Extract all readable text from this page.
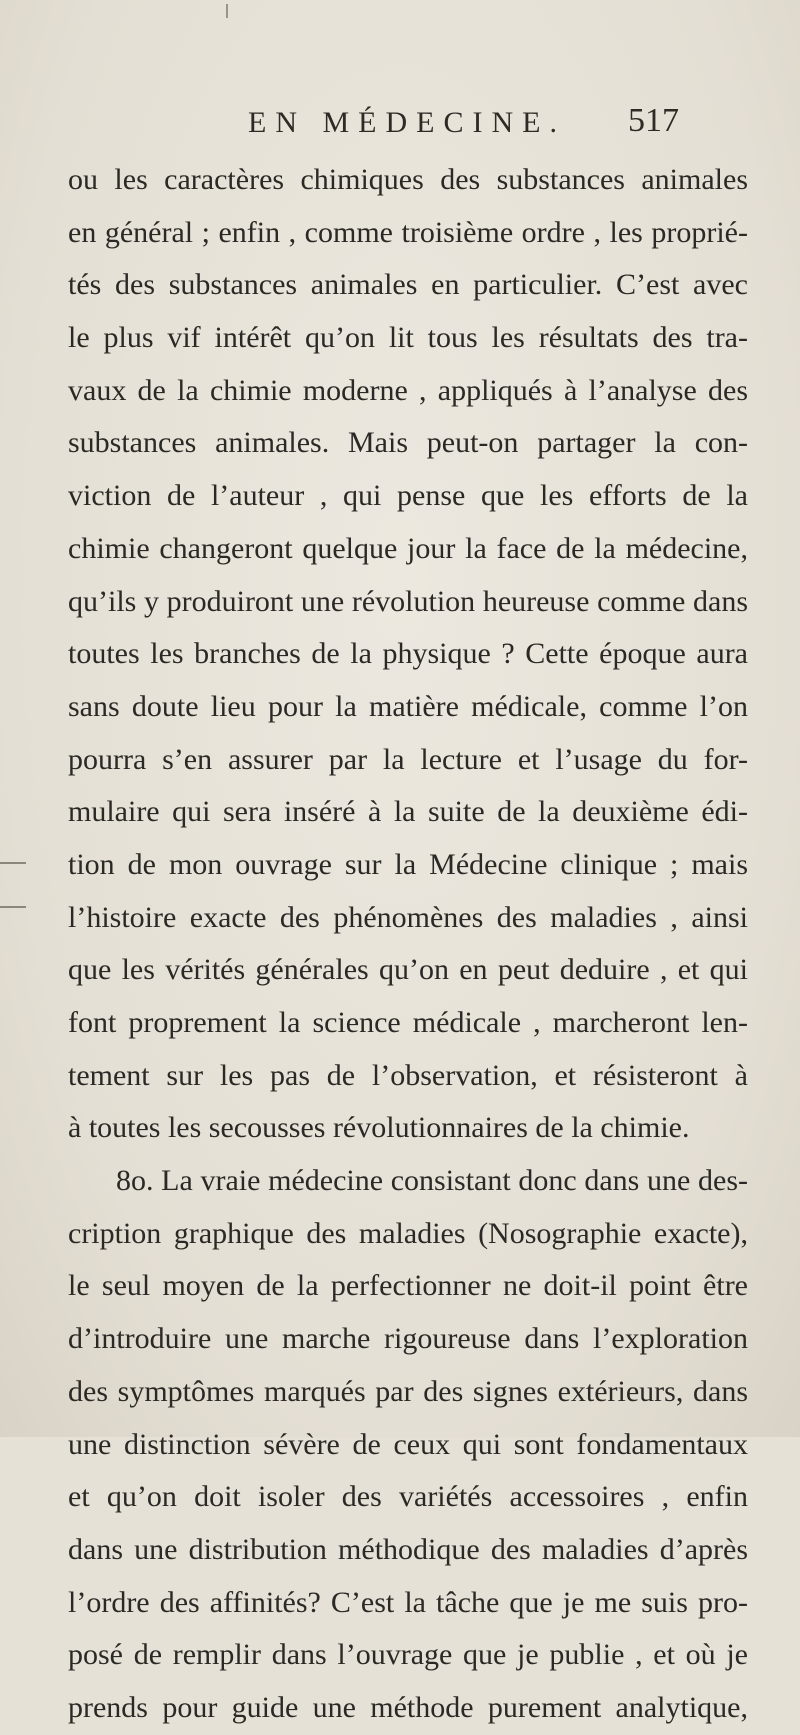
EN MÉDECINE. 517
ou les caractères chimiques des substances animales
en général ; enfin , comme troisième ordre , les proprié-
tés des substances animales en particulier. C’est avec
le plus vif intérêt qu’on lit tous les résultats des tra-
vaux de la chimie moderne , appliqués à l’analyse des
substances animales. Mais peut-on partager la con-
viction de l’auteur , qui pense que les efforts de la
chimie changeront quelque jour la face de la médecine,
qu’ils y produiront une révolution heureuse comme dans
toutes les branches de la physique ? Cette époque aura
sans doute lieu pour la matière médicale, comme l’on
pourra s’en assurer par la lecture et l’usage du for-
mulaire qui sera inséré à la suite de la deuxième édi-
tion de mon ouvrage sur la Médecine clinique ; mais
l’histoire exacte des phénomènes des maladies , ainsi
que les vérités générales qu’on en peut deduire , et qui
font proprement la science médicale , marcheront len-
tement sur les pas de l’observation, et résisteront à
à toutes les secousses révolutionnaires de la chimie.
8o. La vraie médecine consistant donc dans une des-
cription graphique des maladies (Nosographie exacte),
le seul moyen de la perfectionner ne doit-il point être
d’introduire une marche rigoureuse dans l’exploration
des symptômes marqués par des signes extérieurs, dans
une distinction sévère de ceux qui sont fondamentaux
et qu’on doit isoler des variétés accessoires , enfin
dans une distribution méthodique des maladies d’après
l’ordre des affinités? C’est la tâche que je me suis pro-
posé de remplir dans l’ouvrage que je publie , et où je
prends pour guide une méthode purement analytique,
